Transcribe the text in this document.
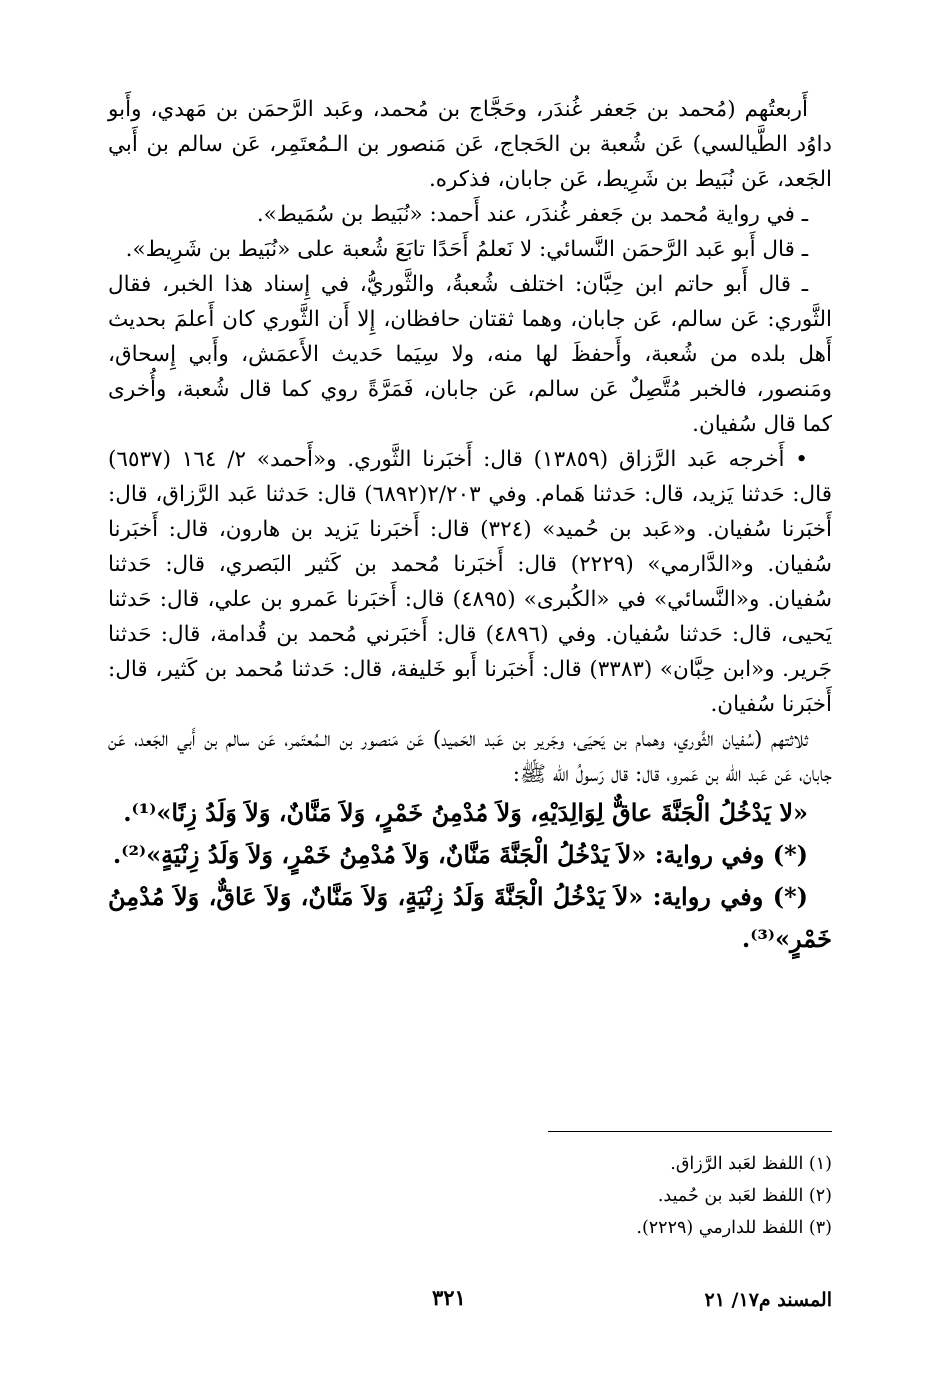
أَربعتُهم (مُحمد بن جَعفر غُندَر، وحَجَّاج بن مُحمد، وعَبد الرَّحمَن بن مَهدي، وأَبو داوُد الطَّيالسي) عَن شُعبة بن الحَجاج، عَن مَنصور بن الـمُعتَمِر، عَن سالم بن أَبي الجَعد، عَن نُبَيط بن شَرِيط، عَن جابان، فذكره.

ـ في رواية مُحمد بن جَعفر غُندَر، عند أَحمد: «نُبَيط بن سُمَيط».

ـ قال أَبو عَبد الرَّحمَن النَّسائي: لا نَعلمُ أَحَدًا تابَعَ شُعبة على «نُبَيط بن شَرِيط».

ـ قال أَبو حاتم ابن حِبَّان: اختلف شُعبةُ، والثَّوريُّ، في إِسناد هذا الخبر، فقال الثَّوري: عَن سالم، عَن جابان، وهما ثقتان حافظان، إِلا أَن الثَّوري كان أَعلمَ بحديث أَهل بلده من شُعبة، وأَحفظَ لها منه، ولا سِيَما حَديث الأَعمَش، وأَبي إِسحاق، ومَنصور، فالخبر مُتَّصِلٌ عَن سالم، عَن جابان، فَمَرَّةً روي كما قال شُعبة، وأُخرى كما قال سُفيان.

• أَخرجه عَبد الرَّزاق (١٣٨٥٩) قال: أَخبَرنا الثَّوري. و«أَحمد» ٢/ ١٦٤ (٦٥٣٧) قال: حَدثنا يَزيد، قال: حَدثنا هَمام. وفي ٢/٢٠٣(٦٨٩٢) قال: حَدثنا عَبد الرَّزاق، قال: أَخبَرنا سُفيان. و«عَبد بن حُميد» (٣٢٤) قال: أَخبَرنا يَزيد بن هارون، قال: أَخبَرنا سُفيان. و«الدَّارمي» (٢٢٢٩) قال: أَخبَرنا مُحمد بن كَثير البَصري، قال: حَدثنا سُفيان. و«النَّسائي» في «الكُبرى» (٤٨٩٥) قال: أَخبَرنا عَمرو بن علي، قال: حَدثنا يَحيى، قال: حَدثنا سُفيان. وفي (٤٨٩٦) قال: أَخبَرني مُحمد بن قُدامة، قال: حَدثنا جَرير. و«ابن حِبَّان» (٣٣٨٣) قال: أَخبَرنا أَبو خَليفة، قال: حَدثنا مُحمد بن كَثير، قال: أَخبَرنا سُفيان.

ثلاثتهم (سُفيان الثَّوري، وهمام بن يَحيَى، وجَرير بن عَبد الحَميد) عَن مَنصور بن الـمُعتَمر، عَن سالم بن أَبي الجَعد، عَن جابان، عَن عَبد الله بن عَمرو، قال: قال رَسولُ الله ﷺ:

«لا يَدْخُلُ الْجَنَّةَ عاقٌّ لِوَالِدَيْهِ، وَلاَ مُدْمِنُ خَمْرٍ، وَلاَ مَنَّانٌ، وَلاَ وَلَدُ زِنًا»⁽¹⁾.

(*) وفي رواية: «لاَ يَدْخُلُ الْجَنَّةَ مَنَّانٌ، وَلاَ مُدْمِنُ خَمْرٍ، وَلاَ وَلَدُ زِنْيَةٍ»⁽²⁾.

(*) وفي رواية: «لاَ يَدْخُلُ الْجَنَّةَ وَلَدُ زِنْيَةٍ، وَلاَ مَنَّانٌ، وَلاَ عَاقٌّ، وَلاَ مُدْمِنُ خَمْرٍ»⁽³⁾.

(١) اللفظ لعَبد الرَّزاق.

(٢) اللفظ لعَبد بن حُميد.

(٣) اللفظ للدارمي (٢٢٢٩).

المسند م١٧/ ٢١
٣٢١
